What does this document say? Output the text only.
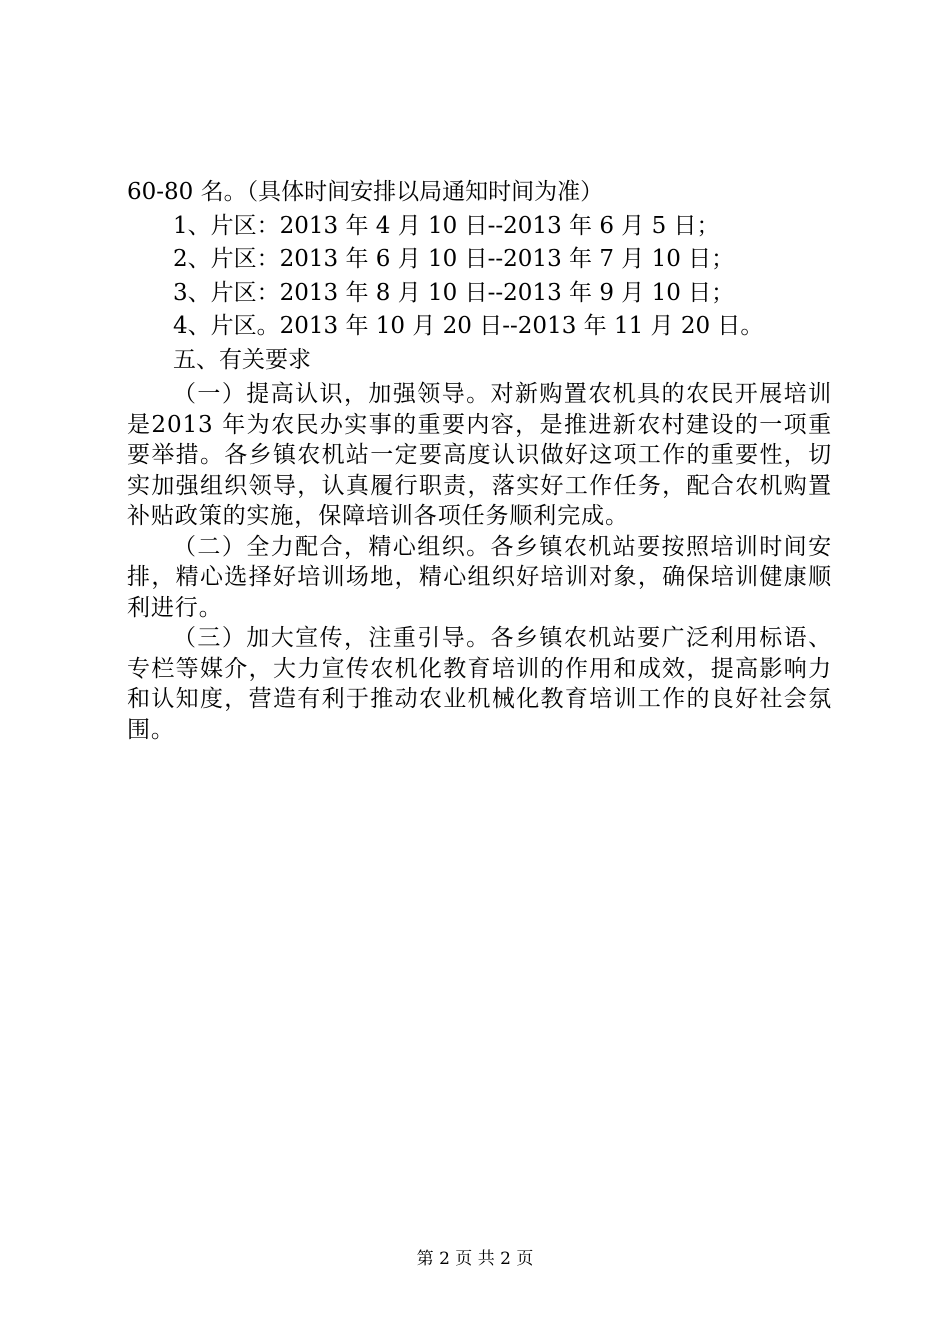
60-80 名。（具体时间安排以局通知时间为准）

1、片区：2013 年 4 月 10 日--2013 年 6 月 5 日；

2、片区：2013 年 6 月 10 日--2013 年 7 月 10 日；

3、片区：2013 年 8 月 10 日--2013 年 9 月 10 日；

4、片区。2013 年 10 月 20 日--2013 年 11 月 20 日。

五、有关要求

（一）提高认识，加强领导。对新购置农机具的农民开展培训是2013 年为农民办实事的重要内容，是推进新农村建设的一项重要举措。各乡镇农机站一定要高度认识做好这项工作的重要性，切实加强组织领导，认真履行职责，落实好工作任务，配合农机购置补贴政策的实施，保障培训各项任务顺利完成。

（二）全力配合，精心组织。各乡镇农机站要按照培训时间安排，精心选择好培训场地，精心组织好培训对象，确保培训健康顺利进行。

（三）加大宣传，注重引导。各乡镇农机站要广泛利用标语、专栏等媒介，大力宣传农机化教育培训的作用和成效，提高影响力和认知度，营造有利于推动农业机械化教育培训工作的良好社会氛围。

第 2 页 共 2 页
